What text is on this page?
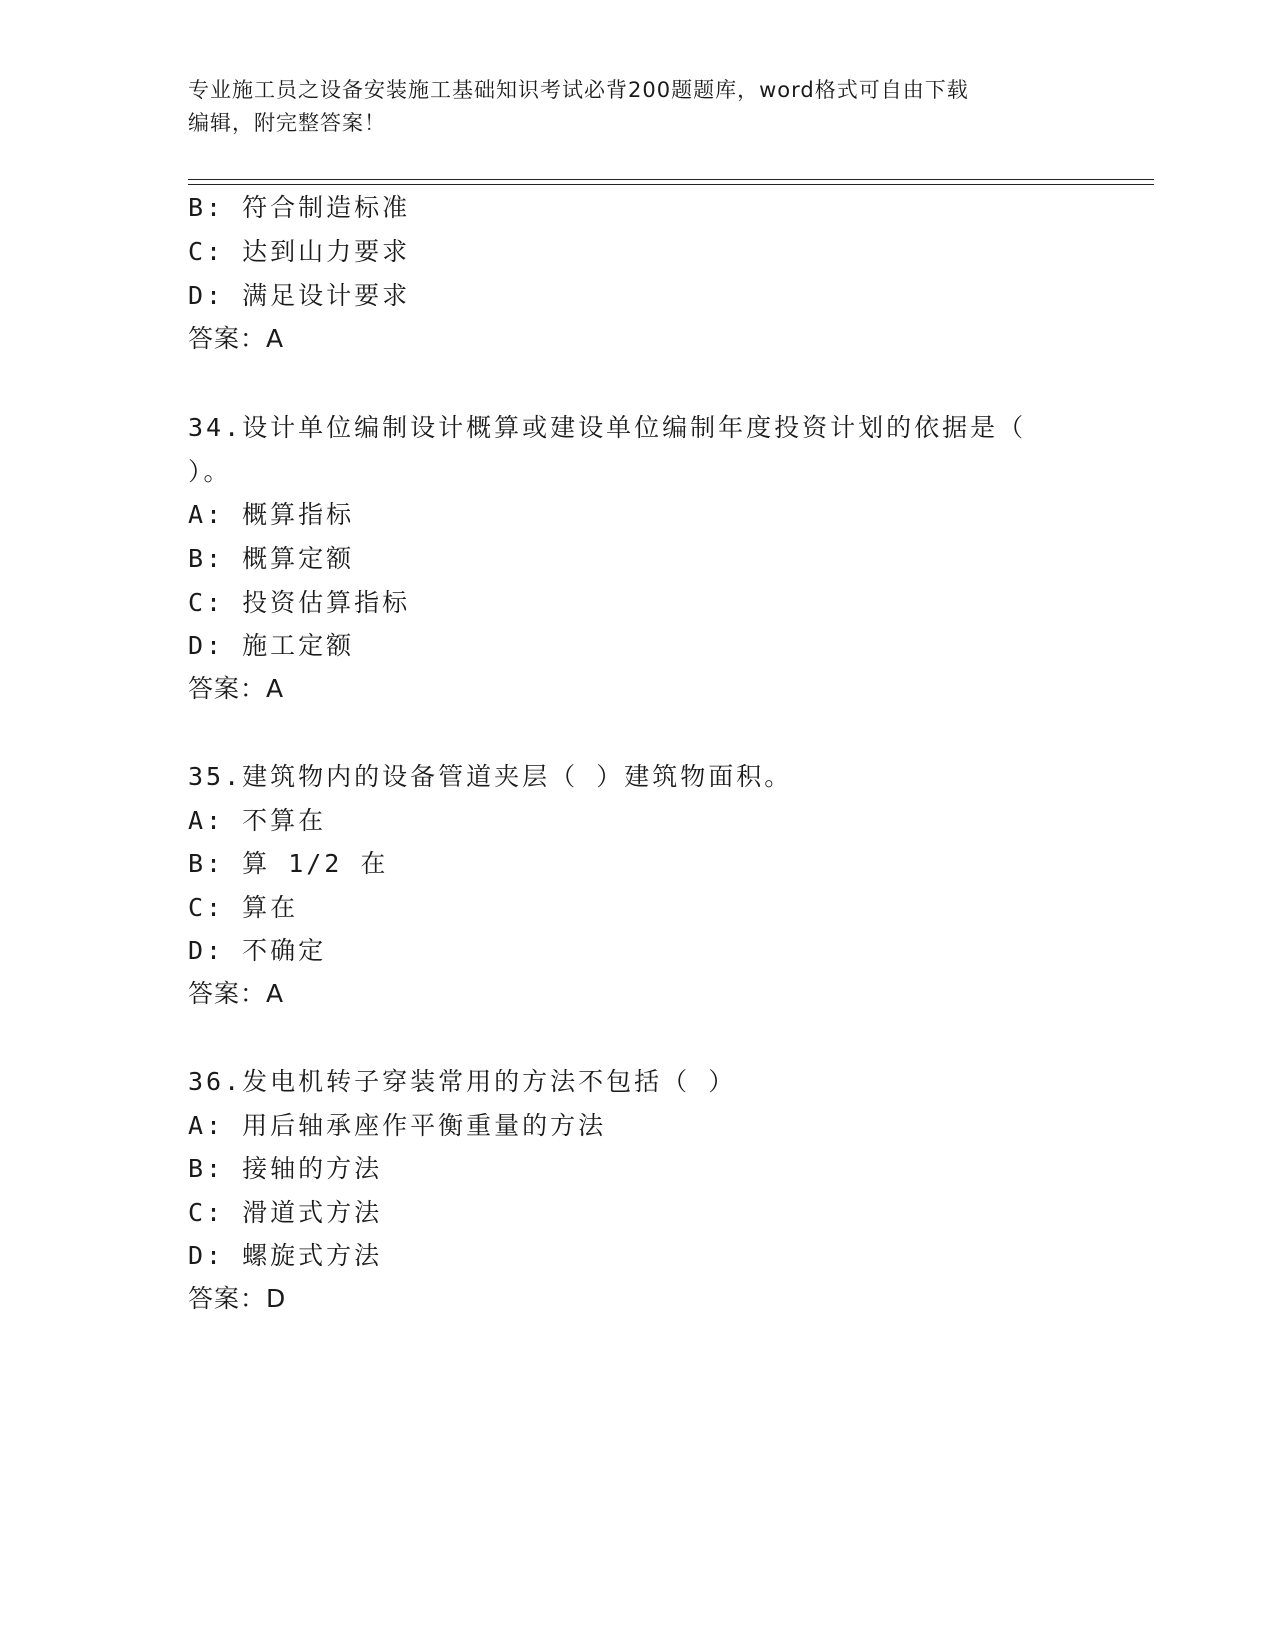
专业施工员之设备安装施工基础知识考试必背200题题库，word格式可自由下载
编辑，附完整答案！
B: 符合制造标准
C: 达到山力要求
D: 满足设计要求
答案：A
34.设计单位编制设计概算或建设单位编制年度投资计划的依据是（
）。
A: 概算指标
B: 概算定额
C: 投资估算指标
D: 施工定额
答案：A
35.建筑物内的设备管道夹层（ ）建筑物面积。
A: 不算在
B: 算 1/2 在
C: 算在
D: 不确定
答案：A
36.发电机转子穿装常用的方法不包括（ ）
A: 用后轴承座作平衡重量的方法
B: 接轴的方法
C: 滑道式方法
D: 螺旋式方法
答案：D
